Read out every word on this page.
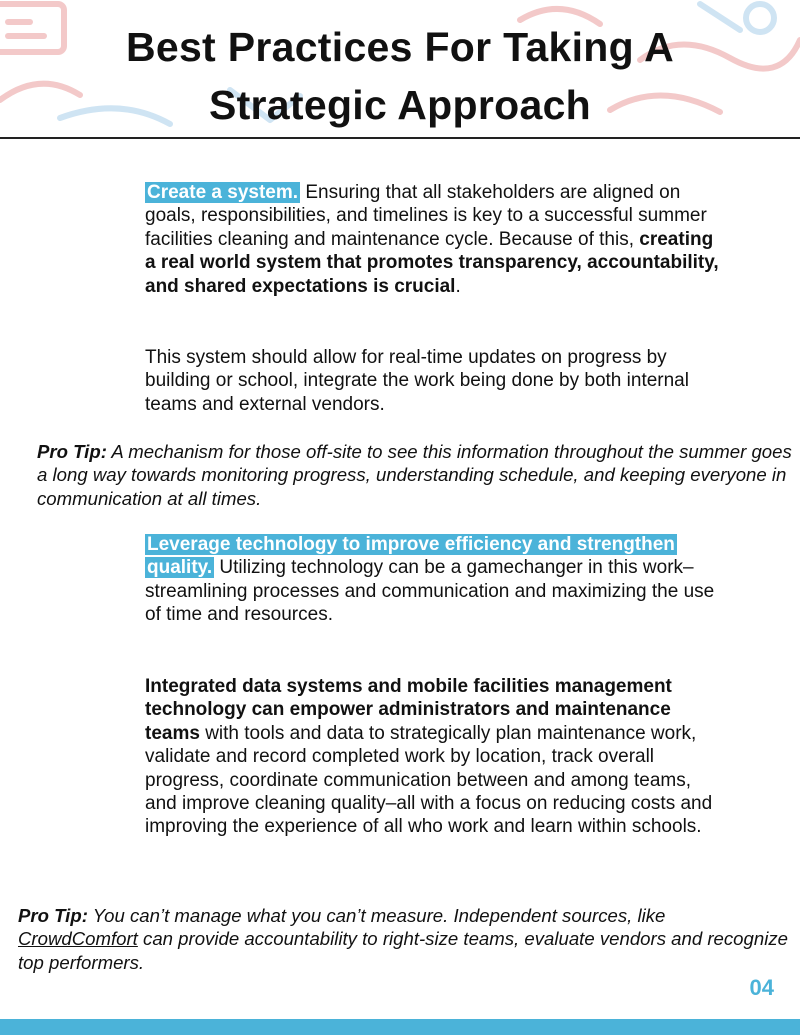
Best Practices For Taking A
Strategic Approach

Create a system. Ensuring that all stakeholders are aligned on goals, responsibilities, and timelines is key to a successful summer facilities cleaning and maintenance cycle. Because of this, creating a real world system that promotes transparency, accountability, and shared expectations is crucial.

This system should allow for real-time updates on progress by building or school, integrate the work being done by both internal teams and external vendors.

Pro Tip: A mechanism for those off-site to see this information throughout the summer goes a long way towards monitoring progress, understanding schedule, and keeping everyone in communication at all times.

Leverage technology to improve efficiency and strengthen quality. Utilizing technology can be a gamechanger in this work–streamlining processes and communication and maximizing the use of time and resources.

Integrated data systems and mobile facilities management technology can empower administrators and maintenance teams with tools and data to strategically plan maintenance work, validate and record completed work by location, track overall progress, coordinate communication between and among teams, and improve cleaning quality–all with a focus on reducing costs and improving the experience of all who work and learn within schools.

Pro Tip: You can’t manage what you can’t measure. Independent sources, like CrowdComfort can provide accountability to right-size teams, evaluate vendors and recognize top performers.

04
